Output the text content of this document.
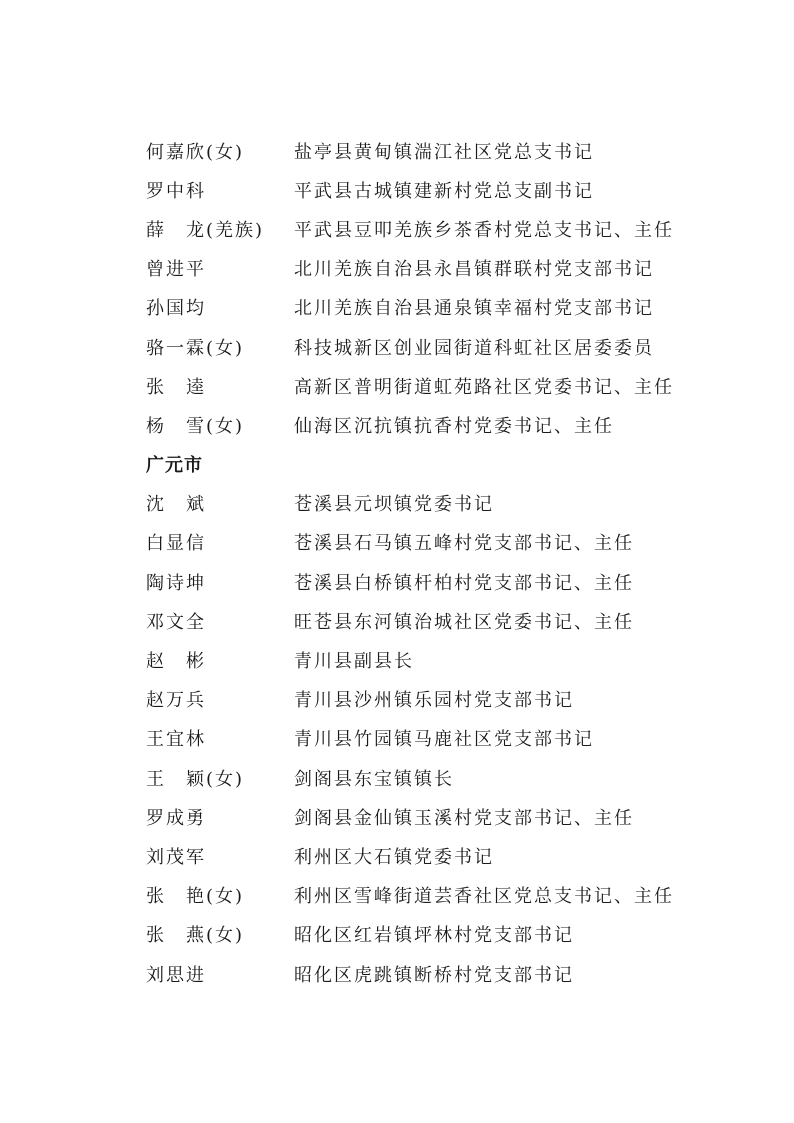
何嘉欣(女)	盐亭县黄甸镇湍江社区党总支书记
罗中科	平武县古城镇建新村党总支副书记
薛　龙(羌族)	平武县豆叩羌族乡茶香村党总支书记、主任
曾进平	北川羌族自治县永昌镇群联村党支部书记
孙国均	北川羌族自治县通泉镇幸福村党支部书记
骆一霖(女)	科技城新区创业园街道科虹社区居委委员
张　逵	高新区普明街道虹苑路社区党委书记、主任
杨　雪(女)	仙海区沉抗镇抗香村党委书记、主任
广元市
沈　斌	苍溪县元坝镇党委书记
白显信	苍溪县石马镇五峰村党支部书记、主任
陶诗坤	苍溪县白桥镇杆柏村党支部书记、主任
邓文全	旺苍县东河镇治城社区党委书记、主任
赵　彬	青川县副县长
赵万兵	青川县沙州镇乐园村党支部书记
王宜林	青川县竹园镇马鹿社区党支部书记
王　颖(女)	剑阁县东宝镇镇长
罗成勇	剑阁县金仙镇玉溪村党支部书记、主任
刘茂军	利州区大石镇党委书记
张　艳(女)	利州区雪峰街道芸香社区党总支书记、主任
张　燕(女)	昭化区红岩镇坪林村党支部书记
刘思进	昭化区虎跳镇断桥村党支部书记
